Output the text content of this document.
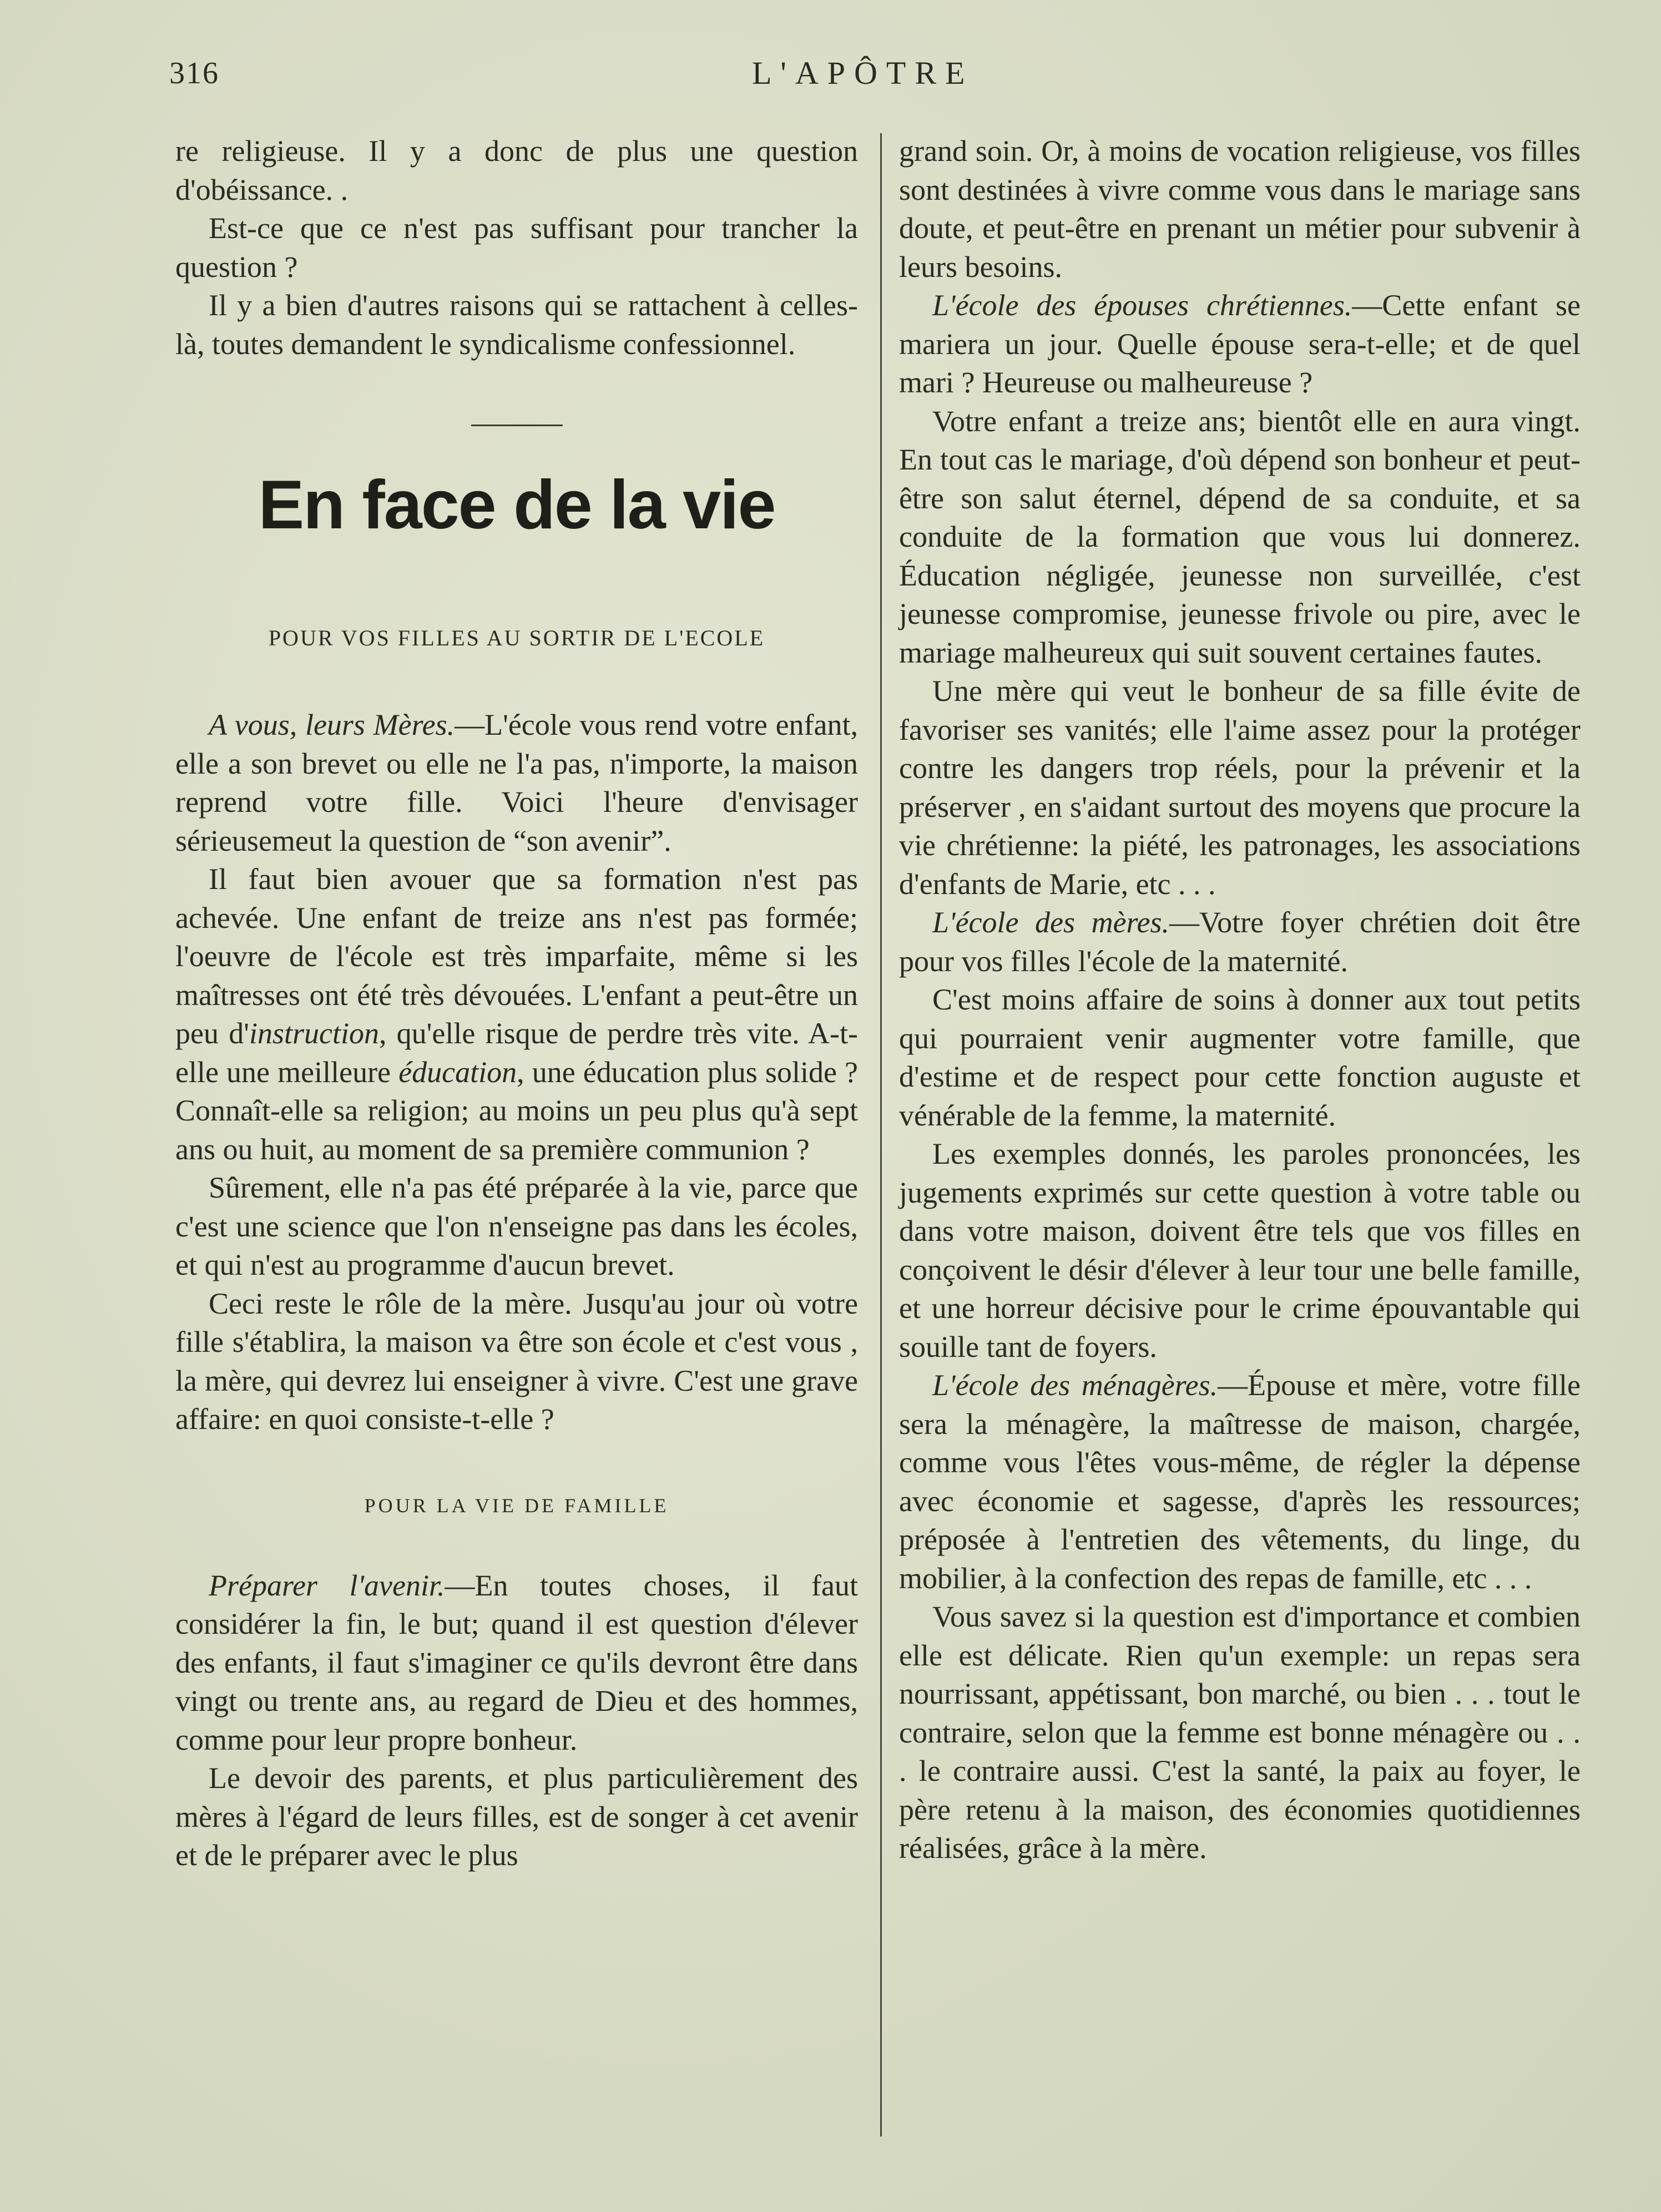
316	L'APÔTRE

re religieuse. Il y a donc de plus une question d'obéissance. .

Est-ce que ce n'est pas suffisant pour trancher la question ?

Il y a bien d'autres raisons qui se rattachent à celles-là, toutes demandent le syndicalisme confessionnel.

En face de la vie
POUR VOS FILLES AU SORTIR DE L'ECOLE

A vous, leurs Mères.—L'école vous rend votre enfant, elle a son brevet ou elle ne l'a pas, n'importe, la maison reprend votre fille. Voici l'heure d'envisager sérieusemeut la question de “son avenir”.

Il faut bien avouer que sa formation n'est pas achevée. Une enfant de treize ans n'est pas formée; l'oeuvre de l'école est très imparfaite, même si les maîtresses ont été très dévouées. L'enfant a peut-être un peu d'instruction, qu'elle risque de perdre très vite. A-t-elle une meilleure éducation, une éducation plus solide ? Connaît-elle sa religion; au moins un peu plus qu'à sept ans ou huit, au moment de sa première communion ?

Sûrement, elle n'a pas été préparée à la vie, parce que c'est une science que l'on n'enseigne pas dans les écoles, et qui n'est au programme d'aucun brevet.

Ceci reste le rôle de la mère. Jusqu'au jour où votre fille s'établira, la maison va être son école et c'est vous , la mère, qui devrez lui enseigner à vivre. C'est une grave affaire: en quoi consiste-t-elle ?

POUR LA VIE DE FAMILLE

Préparer l'avenir.—En toutes choses, il faut considérer la fin, le but; quand il est question d'élever des enfants, il faut s'imaginer ce qu'ils devront être dans vingt ou trente ans, au regard de Dieu et des hommes, comme pour leur propre bonheur.

Le devoir des parents, et plus particulièrement des mères à l'égard de leurs filles, est de songer à cet avenir et de le préparer avec le plus

grand soin. Or, à moins de vocation religieuse, vos filles sont destinées à vivre comme vous dans le mariage sans doute, et peut-être en prenant un métier pour subvenir à leurs besoins.

L'école des épouses chrétiennes.—Cette enfant se mariera un jour. Quelle épouse sera-t-elle; et de quel mari ? Heureuse ou malheureuse ?

Votre enfant a treize ans; bientôt elle en aura vingt. En tout cas le mariage, d'où dépend son bonheur et peut-être son salut éternel, dépend de sa conduite, et sa conduite de la formation que vous lui donnerez. Éducation négligée, jeunesse non surveillée, c'est jeunesse compromise, jeunesse frivole ou pire, avec le mariage malheureux qui suit souvent certaines fautes.

Une mère qui veut le bonheur de sa fille évite de favoriser ses vanités; elle l'aime assez pour la protéger contre les dangers trop réels, pour la prévenir et la préserver , en s'aidant surtout des moyens que procure la vie chrétienne: la piété, les patronages, les associations d'enfants de Marie, etc . . .

L'école des mères.—Votre foyer chrétien doit être pour vos filles l'école de la maternité.

C'est moins affaire de soins à donner aux tout petits qui pourraient venir augmenter votre famille, que d'estime et de respect pour cette fonction auguste et vénérable de la femme, la maternité.

Les exemples donnés, les paroles prononcées, les jugements exprimés sur cette question à votre table ou dans votre maison, doivent être tels que vos filles en conçoivent le désir d'élever à leur tour une belle famille, et une horreur décisive pour le crime épouvantable qui souille tant de foyers.

L'école des ménagères.—Épouse et mère, votre fille sera la ménagère, la maîtresse de maison, chargée, comme vous l'êtes vous-même, de régler la dépense avec économie et sagesse, d'après les ressources; préposée à l'entretien des vêtements, du linge, du mobilier, à la confection des repas de famille, etc . . .

Vous savez si la question est d'importance et combien elle est délicate. Rien qu'un exemple: un repas sera nourrissant, appétissant, bon marché, ou bien . . . tout le contraire, selon que la femme est bonne ménagère ou . . . le contraire aussi. C'est la santé, la paix au foyer, le père retenu à la maison, des économies quotidiennes réalisées, grâce à la mère.
